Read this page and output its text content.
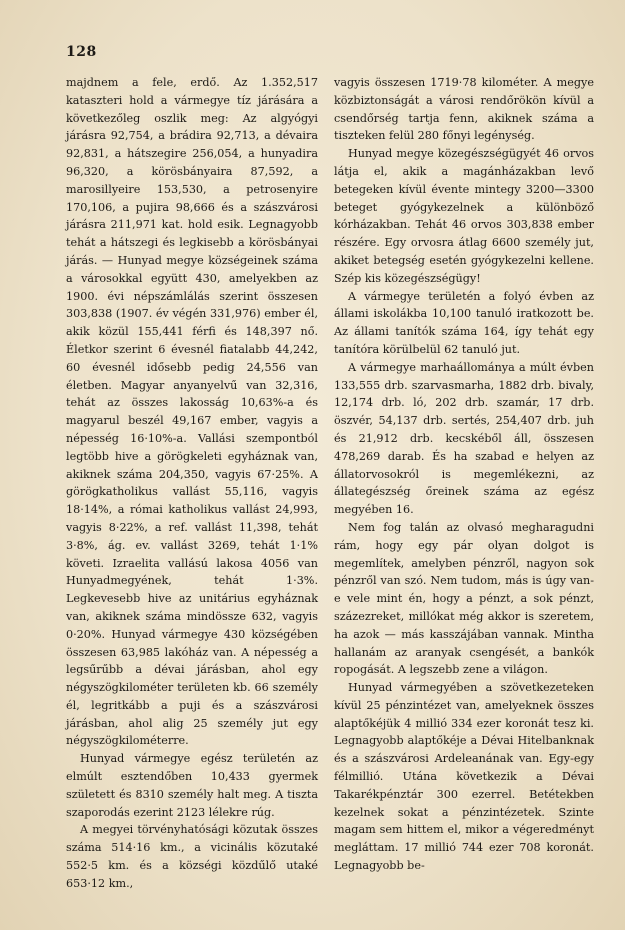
128

majdnem a fele, erdő. Az 1.352,517 kataszteri hold a vármegye tíz járására a következőleg oszlik meg: Az algyógyi járásra 92,754, a brádira 92,713, a dévaira 92,831, a hátszegire 256,054, a hunyadira 96,320, a körösbányaira 87,592, a marosillyeire 153,530, a petrosenyire 170,106, a pujira 98,666 és a szászvárosi járásra 211,971 kat. hold esik. Legnagyobb tehát a hátszegi és legkisebb a körösbányai járás. — Hunyad megye községeinek száma a városokkal együtt 430, amelyekben az 1900. évi népszámlálás szerint összesen 303,838 (1907. év végén 331,976) ember él, akik közül 155,441 férfi és 148,397 nő. Életkor szerint 6 évesnél fiatalabb 44,242, 60 évesnél idősebb pedig 24,556 van életben. Magyar anyanyelvű van 32,316, tehát az összes lakosság 10,63%-a és magyarul beszél 49,167 ember, vagyis a népesség 16·10%-a. Vallási szempontból legtöbb hive a görögkeleti egyháznak van, akiknek száma 204,350, vagyis 67·25%. A görögkatholikus vallást 55,116, vagyis 18·14%, a római katholikus vallást 24,993, vagyis 8·22%, a ref. vallást 11,398, tehát 3·8%, ág. ev. vallást 3269, tehát 1·1% követi. Izraelita vallású lakosa 4056 van Hunyadmegyének, tehát 1·3%. Legkevesebb hive az unitárius egyháznak van, akiknek száma mindössze 632, vagyis 0·20%. Hunyad vármegye 430 községében összesen 63,985 lakóház van. A népesség a legsűrűbb a dévai járásban, ahol egy négyszögkilométer területen kb. 66 személy él, legritkább a puji és a szászvárosi járásban, ahol alig 25 személy jut egy négyszögkilométerre.

Hunyad vármegye egész területén az elmúlt esztendőben 10,433 gyermek született és 8310 személy halt meg. A tiszta szaporodás ezerint 2123 lélekre rúg.

A megyei törvényhatósági közutak összes száma 514·16 km., a vicinális közutaké 552·5 km. és a községi közdűlő utaké 653·12 km.,

vagyis összesen 1719·78 kilométer. A megye közbiztonságát a városi rendőrökön kívül a csendőrség tartja fenn, akiknek száma a tiszteken felül 280 főnyi legénység.

Hunyad megye közegészségügyét 46 orvos látja el, akik a magánházakban levő betegeken kívül évente mintegy 3200—3300 beteget gyógykezelnek a különböző kórházakban. Tehát 46 orvos 303,838 ember részére. Egy orvosra átlag 6600 személy jut, akiket betegség esetén gyógykezelni kellene. Szép kis közegészségügy!

A vármegye területén a folyó évben az állami iskolákba 10,100 tanuló iratkozott be. Az állami tanítók száma 164, így tehát egy tanítóra körülbelül 62 tanuló jut.

A vármegye marhaállománya a múlt évben 133,555 drb. szarvasmarha, 1882 drb. bivaly, 12,174 drb. ló, 202 drb. szamár, 17 drb. öszvér, 54,137 drb. sertés, 254,407 drb. juh és 21,912 drb. kecskéből áll, összesen 478,269 darab. És ha szabad e helyen az állatorvosokról is megemlékezni, az állategészség őreinek száma az egész megyében 16.

Nem fog talán az olvasó megharagudni rám, hogy egy pár olyan dolgot is megemlítek, amelyben pénzről, nagyon sok pénzről van szó. Nem tudom, más is úgy van-e vele mint én, hogy a pénzt, a sok pénzt, százezreket, millókat még akkor is szeretem, ha azok — más kasszájában vannak. Mintha hallanám az aranyak csengését, a bankók ropogását. A legszebb zene a világon.

Hunyad vármegyében a szövetkezeteken kívül 25 pénzintézet van, amelyeknek összes alaptőkéjük 4 millió 334 ezer koronát tesz ki. Legnagyobb alaptőkéje a Dévai Hitelbanknak és a szászvárosi Ardeleanának van. Egy-egy félmillió. Utána következik a Dévai Takarékpénztár 300 ezerrel. Betétekben kezelnek sokat a pénzintézetek. Szinte magam sem hittem el, mikor a végeredményt megláttam. 17 millió 744 ezer 708 koronát. Legnagyobb be-
